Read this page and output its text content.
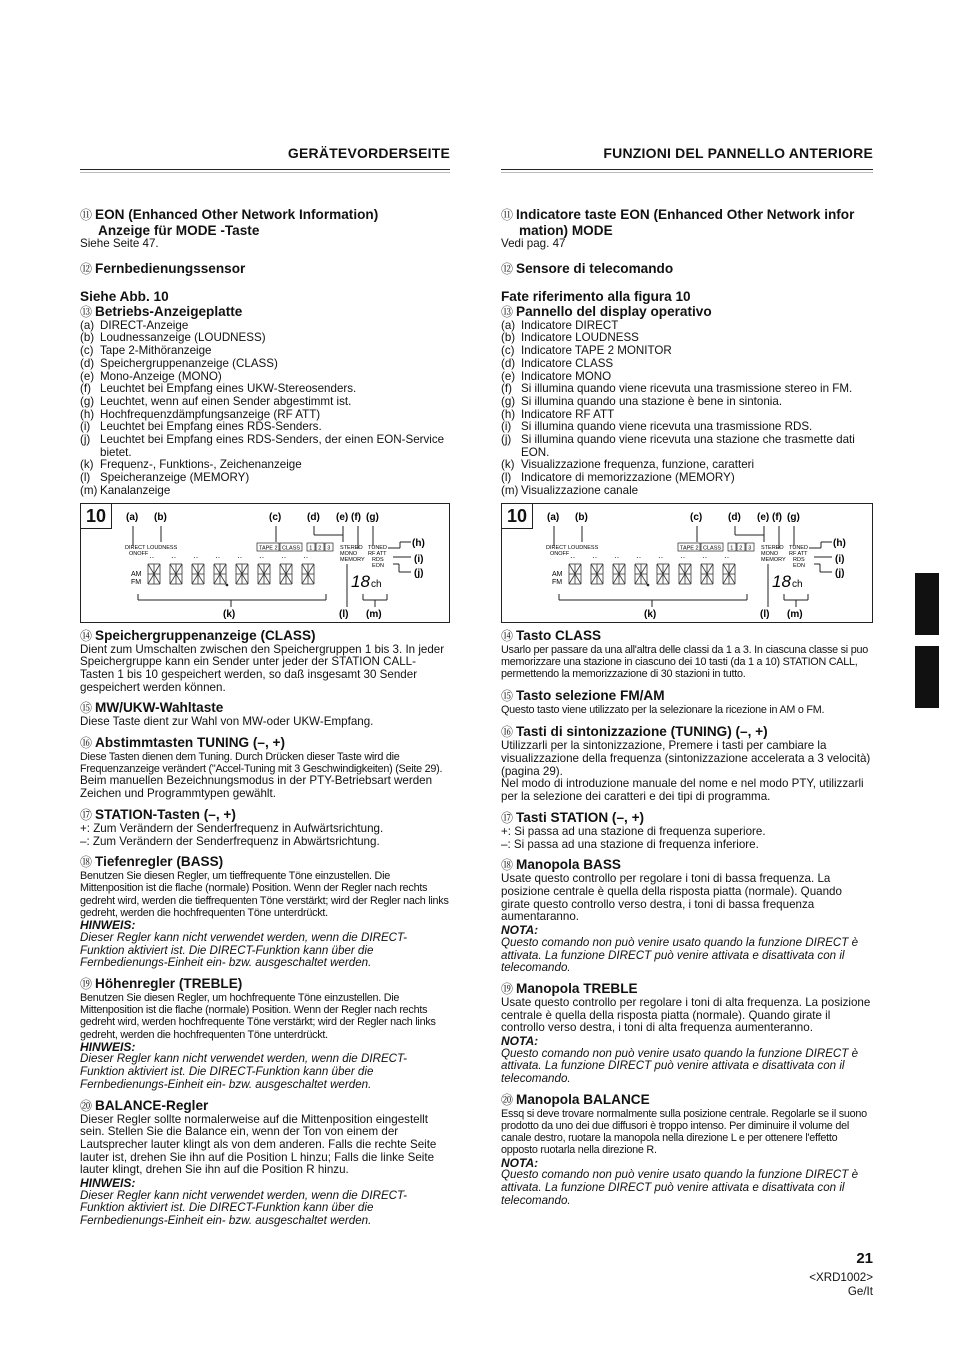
GERÄTEVORDERSEITE
⑪ EON (Enhanced Other Network Information)
Anzeige für MODE -Taste
Siehe Seite 47.
⑫ Fernbedienungssensor
Siehe Abb. 10
⑬ Betriebs-Anzeigeplatte
(a) DIRECT-Anzeige
(b) Loudnessanzeige (LOUDNESS)
(c) Tape 2-Mithöranzeige
(d) Speichergruppenanzeige (CLASS)
(e) Mono-Anzeige (MONO)
(f) Leuchtet bei Empfang eines UKW-Stereosenders.
(g) Leuchtet, wenn auf einen Sender abgestimmt ist.
(h) Hochfrequenzdämpfungsanzeige (RF ATT)
(i) Leuchtet bei Empfang eines RDS-Senders.
(j) Leuchtet bei Empfang eines RDS-Senders, der einen EON-Service bietet.
(k) Frequenz-, Funktions-, Zeichenanzeige
(l) Speicheranzeige (MEMORY)
(m) Kanalanzeige
10	(a) (b)	(c)	(d) (e) (f) (g)
DIRECT LOUDNESS
ONOFF
TAPE 2 CLASS 1 2 3 STEREO TUNED
MONO RF ATT
MEMORY RDS
EON
AM
FM
·· ·· ·· ·· ·· ·· ·· ··
18 ch
(h)
(i)
(j)
(k)	(l) (m)
⑭ Speichergruppenanzeige (CLASS)
Dient zum Umschalten zwischen den Speichergruppen 1 bis 3. In jeder Speichergruppe kann ein Sender unter jeder der STATION CALL-Tasten 1 bis 10 gespeichert werden, so daß insgesamt 30 Sender gespeichert werden können.
⑮ MW/UKW-Wahltaste
Diese Taste dient zur Wahl von MW-oder UKW-Empfang.
⑯ Abstimmtasten TUNING (–, +)
Diese Tasten dienen dem Tuning. Durch Drücken dieser Taste wird die Frequenzanzeige verändert ("Accel-Tuning mit 3 Geschwindigkeiten) (Seite 29).
Beim manuellen Bezeichnungsmodus in der PTY-Betriebsart werden Zeichen und Programmtypen gewählt.
⑰ STATION-Tasten (–, +)
+: Zum Verändern der Senderfrequenz in Aufwärtsrichtung.
–: Zum Verändern der Senderfrequenz in Abwärtsrichtung.
⑱ Tiefenregler (BASS)
Benutzen Sie diesen Regler, um tieffrequente Töne einzustellen. Die Mittenposition ist die flache (normale) Position. Wenn der Regler nach rechts gedreht wird, werden die tieffrequenten Töne verstärkt; wird der Regler nach links gedreht, werden die hochfrequenten Töne unterdrückt.
HINWEIS:
Dieser Regler kann nicht verwendet werden, wenn die DIRECT-Funktion aktiviert ist. Die DIRECT-Funktion kann über die Fernbedienungs-Einheit ein- bzw. ausgeschaltet werden.
⑲ Höhenregler (TREBLE)
Benutzen Sie diesen Regler, um hochfrequente Töne einzustellen. Die Mittenposition ist die flache (normale) Position. Wenn der Regler nach rechts gedreht wird, werden hochfrequente Töne verstärkt; wird der Regler nach links gedreht, werden die hochfrequenten Töne unterdrückt.
HINWEIS:
Dieser Regler kann nicht verwendet werden, wenn die DIRECT-Funktion aktiviert ist. Die DIRECT-Funktion kann über die Fernbedienungs-Einheit ein- bzw. ausgeschaltet werden.
⑳ BALANCE-Regler
Dieser Regler sollte normalerweise auf die Mittenposition eingestellt sein. Stellen Sie die Balance ein, wenn der Ton von einem der Lautsprecher lauter klingt als von dem anderen. Falls die rechte Seite lauter ist, drehen Sie ihn auf die Position L hinzu; Falls die linke Seite lauter klingt, drehen Sie ihn auf die Position R hinzu.
HINWEIS:
Dieser Regler kann nicht verwendet werden, wenn die DIRECT-Funktion aktiviert ist. Die DIRECT-Funktion kann über die Fernbedienungs-Einheit ein- bzw. ausgeschaltet werden.
FUNZIONI DEL PANNELLO ANTERIORE
⑪ Indicatore taste EON (Enhanced Other Network infor
mation) MODE
Vedi pag. 47
⑫ Sensore di telecomando
Fate riferimento alla figura 10
⑬ Pannello del display operativo
(a) Indicatore DIRECT
(b) Indicatore LOUDNESS
(c) Indicatore TAPE 2 MONITOR
(d) Indicatore CLASS
(e) Indicatore MONO
(f) Si illumina quando viene ricevuta una trasmissione stereo in FM.
(g) Si illumina quando una stazione è bene in sintonia.
(h) Indicatore RF ATT
(i) Si illumina quando viene ricevuta una trasmissione RDS.
(j) Si illumina quando viene ricevuta una stazione che trasmette dati EON.
(k) Visualizzazione frequenza, funzione, caratteri
(l) Indicatore di memorizzazione (MEMORY)
(m) Visualizzazione canale
10	(a) (b)	(c)	(d) (e) (f) (g)
DIRECT LOUDNESS
ONOFF
TAPE 2 CLASS 1 2 3 STEREO TUNED
MONO RF ATT
MEMORY RDS
EON
AM
FM
·· ·· ·· ·· ·· ·· ·· ··
18 ch
(h)
(i)
(j)
(k)	(l) (m)
⑭ Tasto CLASS
Usarlo per passare da una all'altra delle classi da 1 a 3. In ciascuna classe si puo memorizzare una stazione in ciascuno dei 10 tasti (da 1 a 10) STATION CALL, permettendo la memorizzazione di 30 stazioni in tutto.
⑮ Tasto selezione FM/AM
Questo tasto viene utilizzato per la selezionare la ricezione in AM o FM.
⑯ Tasti di sintonizzazione (TUNING) (–, +)
Utilizzarli per la sintonizzazione, Premere i tasti per cambiare la visualizzazione della frequenza (sintonizzazione accelerata a 3 velocità) (pagina 29).
Nel modo di introduzione manuale del nome e nel modo PTY, utilizzarli per la selezione dei caratteri e dei tipi di programma.
⑰ Tasti STATION (–, +)
+: Si passa ad una stazione di frequenza superiore.
–: Si passa ad una stazione di frequenza inferiore.
⑱ Manopola BASS
Usate questo controllo per regolare i toni di bassa frequenza. La posizione centrale è quella della risposta piatta (normale). Quando girate questo controllo verso destra, i toni di bassa frequenza aumentaranno.
NOTA:
Questo comando non può venire usato quando la funzione DIRECT è attivata. La funzione DIRECT può venire attivata e disattivata con il telecomando.
⑲ Manopola TREBLE
Usate questo controllo per regolare i toni di alta frequenza. La posizione centrale è quella della risposta piatta (normale). Quando girate il controllo verso destra, i toni di alta frequenza aumenteranno.
NOTA:
Questo comando non può venire usato quando la funzione DIRECT è attivata. La funzione DIRECT può venire attivata e disattivata con il telecomando.
⑳ Manopola BALANCE
Essq si deve trovare normalmente sulla posizione centrale. Regolarle se il suono prodotto da uno dei due diffusori è troppo intenso. Per diminuire il volume del canale destro, ruotare la manopola nella direzione L e per ottenere l'effetto opposto ruotarla nella direzione R.
NOTA:
Questo comando non può venire usato quando la funzione DIRECT è attivata. La funzione DIRECT può venire attivata e disattivata con il telecomando.
21
<XRD1002>
Ge/It
